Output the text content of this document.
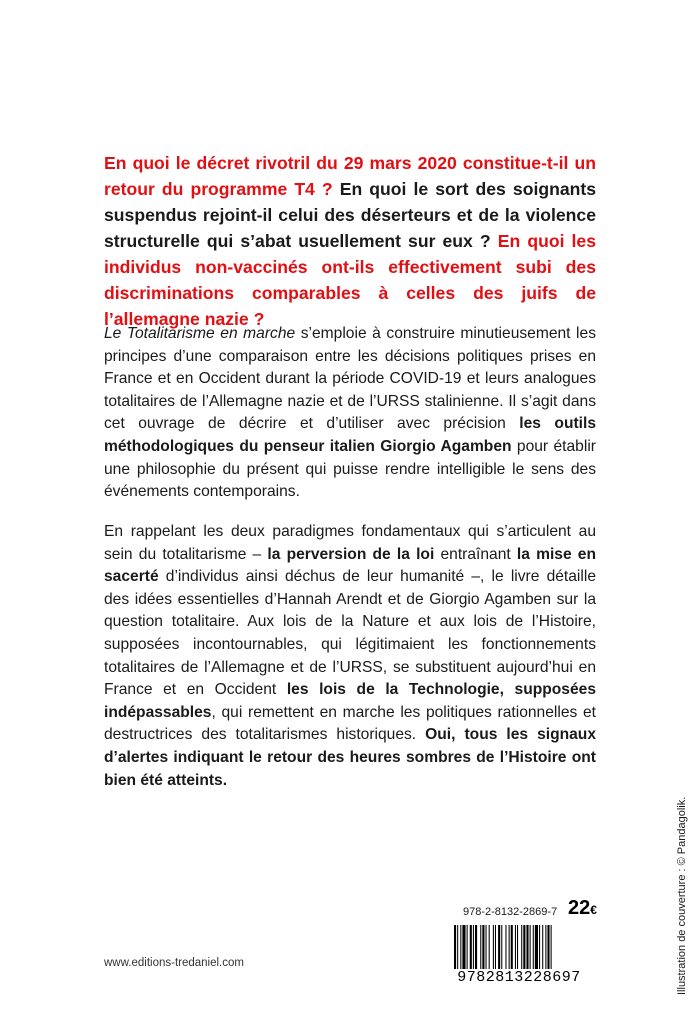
En quoi le décret rivotril du 29 mars 2020 constitue-t-il un retour du programme T4 ? En quoi le sort des soignants suspendus rejoint-il celui des déserteurs et de la violence structurelle qui s’abat usuellement sur eux ? En quoi les individus non-vaccinés ont-ils effectivement subi des discriminations comparables à celles des juifs de l’allemagne nazie ?

Le Totalitarisme en marche s’emploie à construire minutieusement les principes d’une comparaison entre les décisions politiques prises en France et en Occident durant la période COVID-19 et leurs analogues totalitaires de l’Allemagne nazie et de l’URSS stalinienne. Il s’agit dans cet ouvrage de décrire et d’utiliser avec précision les outils méthodologiques du penseur italien Giorgio Agamben pour établir une philosophie du présent qui puisse rendre intelligible le sens des événements contemporains.

En rappelant les deux paradigmes fondamentaux qui s’articulent au sein du totalitarisme – la perversion de la loi entraînant la mise en sacerté d’individus ainsi déchus de leur humanité –, le livre détaille des idées essentielles d’Hannah Arendt et de Giorgio Agamben sur la question totalitaire. Aux lois de la Nature et aux lois de l’Histoire, supposées incontournables, qui légitimaient les fonctionnements totalitaires de l’Allemagne et de l’URSS, se substituent aujourd’hui en France et en Occident les lois de la Technologie, supposées indépassables, qui remettent en marche les politiques rationnelles et destructrices des totalitarismes historiques. Oui, tous les signaux d’alertes indiquant le retour des heures sombres de l’Histoire ont bien été atteints.

www.editions-tredaniel.com
978-2-8132-2869-7 22€
9782813228697	Illustration de couverture : © Pandagolik.
